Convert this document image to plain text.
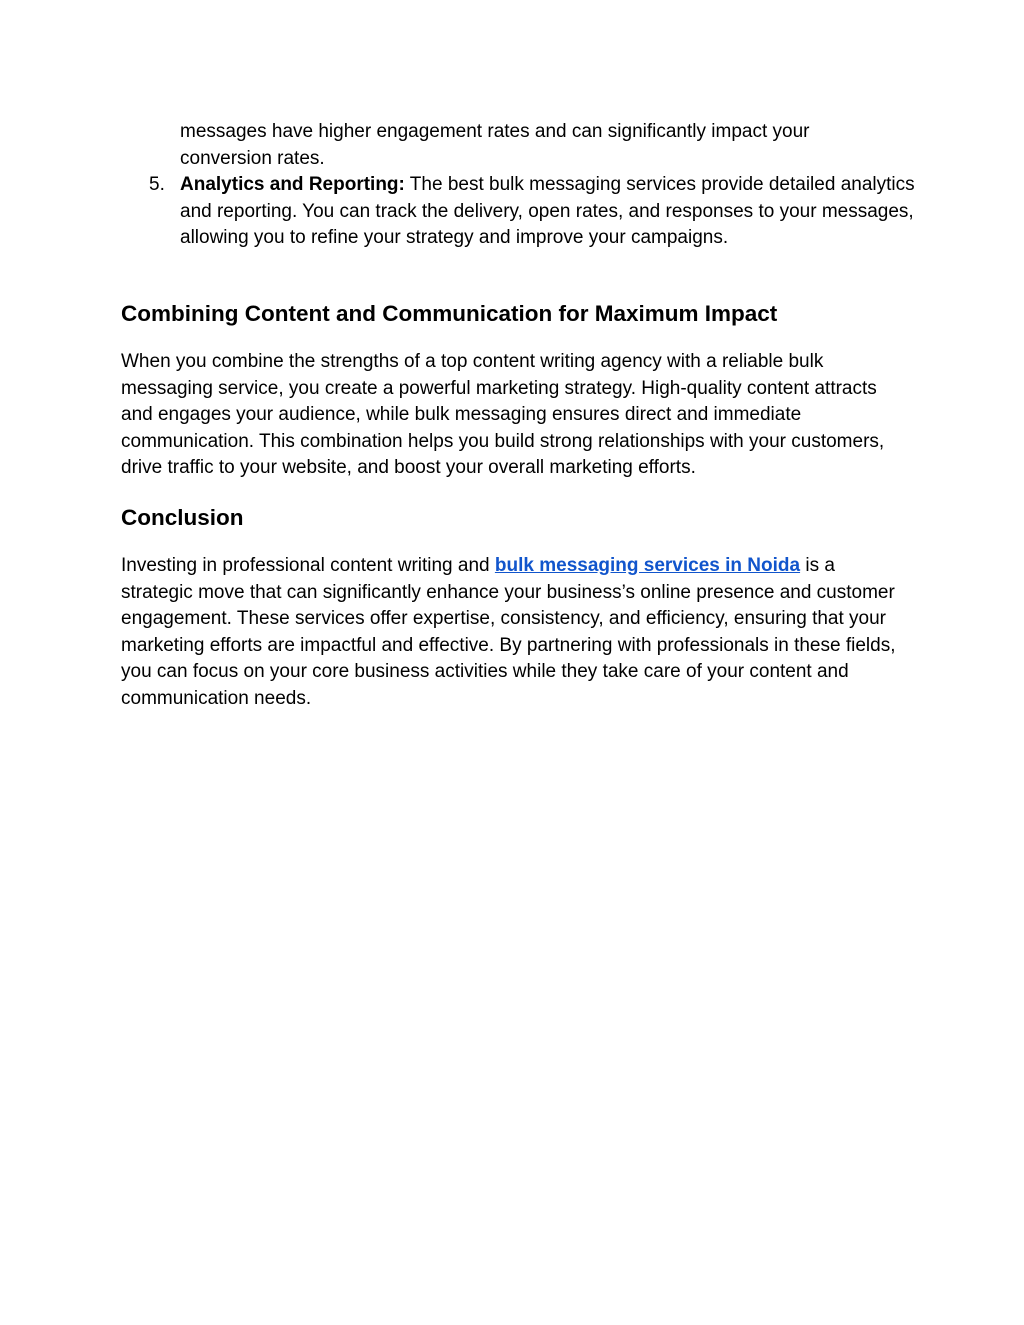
messages have higher engagement rates and can significantly impact your
conversion rates.
5. Analytics and Reporting: The best bulk messaging services provide detailed analytics and reporting. You can track the delivery, open rates, and responses to your messages, allowing you to refine your strategy and improve your campaigns.
Combining Content and Communication for Maximum Impact
When you combine the strengths of a top content writing agency with a reliable bulk messaging service, you create a powerful marketing strategy. High-quality content attracts and engages your audience, while bulk messaging ensures direct and immediate communication. This combination helps you build strong relationships with your customers, drive traffic to your website, and boost your overall marketing efforts.
Conclusion
Investing in professional content writing and bulk messaging services in Noida is a strategic move that can significantly enhance your business’s online presence and customer engagement. These services offer expertise, consistency, and efficiency, ensuring that your marketing efforts are impactful and effective. By partnering with professionals in these fields, you can focus on your core business activities while they take care of your content and communication needs.
